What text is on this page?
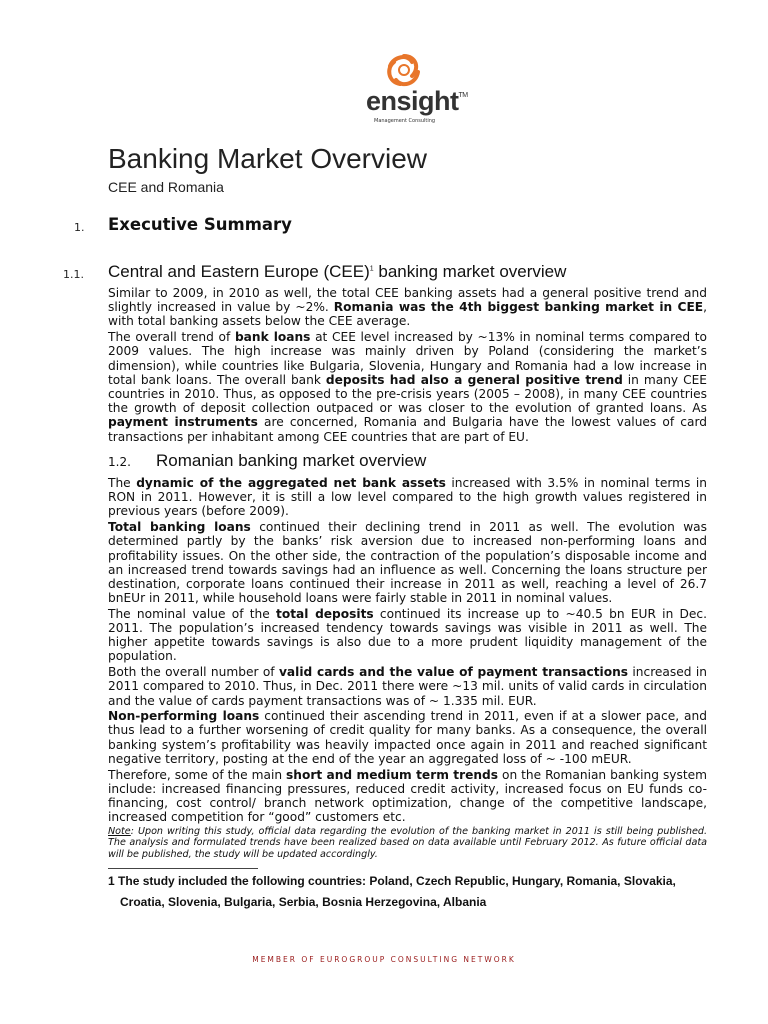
ensight™
Management Consulting
Banking Market Overview
CEE and Romania
1. Executive Summary
1.1. Central and Eastern Europe (CEE)$^1$ banking market overview

Similar to 2009, in 2010 as well, the total CEE banking assets had a general positive trend and slightly increased in value by ~2%. Romania was the 4th biggest banking market in CEE, with total banking assets below the CEE average.

The overall trend of bank loans at CEE level increased by ~13% in nominal terms compared to 2009 values. The high increase was mainly driven by Poland (considering the market’s dimension), while countries like Bulgaria, Slovenia, Hungary and Romania had a low increase in total bank loans. The overall bank deposits had also a general positive trend in many CEE countries in 2010. Thus, as opposed to the pre-crisis years (2005 – 2008), in many CEE countries the growth of deposit collection outpaced or was closer to the evolution of granted loans. As payment instruments are concerned, Romania and Bulgaria have the lowest values of card transactions per inhabitant among CEE countries that are part of EU.

1.2. Romanian banking market overview

The dynamic of the aggregated net bank assets increased with 3.5% in nominal terms in RON in 2011. However, it is still a low level compared to the high growth values registered in previous years (before 2009).

Total banking loans continued their declining trend in 2011 as well. The evolution was determined partly by the banks’ risk aversion due to increased non-performing loans and profitability issues. On the other side, the contraction of the population’s disposable income and an increased trend towards savings had an influence as well. Concerning the loans structure per destination, corporate loans continued their increase in 2011 as well, reaching a level of 26.7 bnEUr in 2011, while household loans were fairly stable in 2011 in nominal values.

The nominal value of the total deposits continued its increase up to ~40.5 bn EUR in Dec. 2011. The population’s increased tendency towards savings was visible in 2011 as well. The higher appetite towards savings is also due to a more prudent liquidity management of the population.

Both the overall number of valid cards and the value of payment transactions increased in 2011 compared to 2010. Thus, in Dec. 2011 there were ~13 mil. units of valid cards in circulation and the value of cards payment transactions was of ~ 1.335 mil. EUR.

Non-performing loans continued their ascending trend in 2011, even if at a slower pace, and thus lead to a further worsening of credit quality for many banks. As a consequence, the overall banking system’s profitability was heavily impacted once again in 2011 and reached significant negative territory, posting at the end of the year an aggregated loss of ~ -100 mEUR.

Therefore, some of the main short and medium term trends on the Romanian banking system include: increased financing pressures, reduced credit activity, increased focus on EU funds co-financing, cost control/ branch network optimization, change of the competitive landscape, increased competition for “good” customers etc.

Note: Upon writing this study, official data regarding the evolution of the banking market in 2011 is still being published. The analysis and formulated trends have been realized based on data available until February 2012. As future official data will be published, the study will be updated accordingly.

1 The study included the following countries: Poland, Czech Republic, Hungary, Romania, Slovakia,
Croatia, Slovenia, Bulgaria, Serbia, Bosnia Herzegovina, Albania
MEMBER OF EUROGROUP CONSULTING NETWORK
